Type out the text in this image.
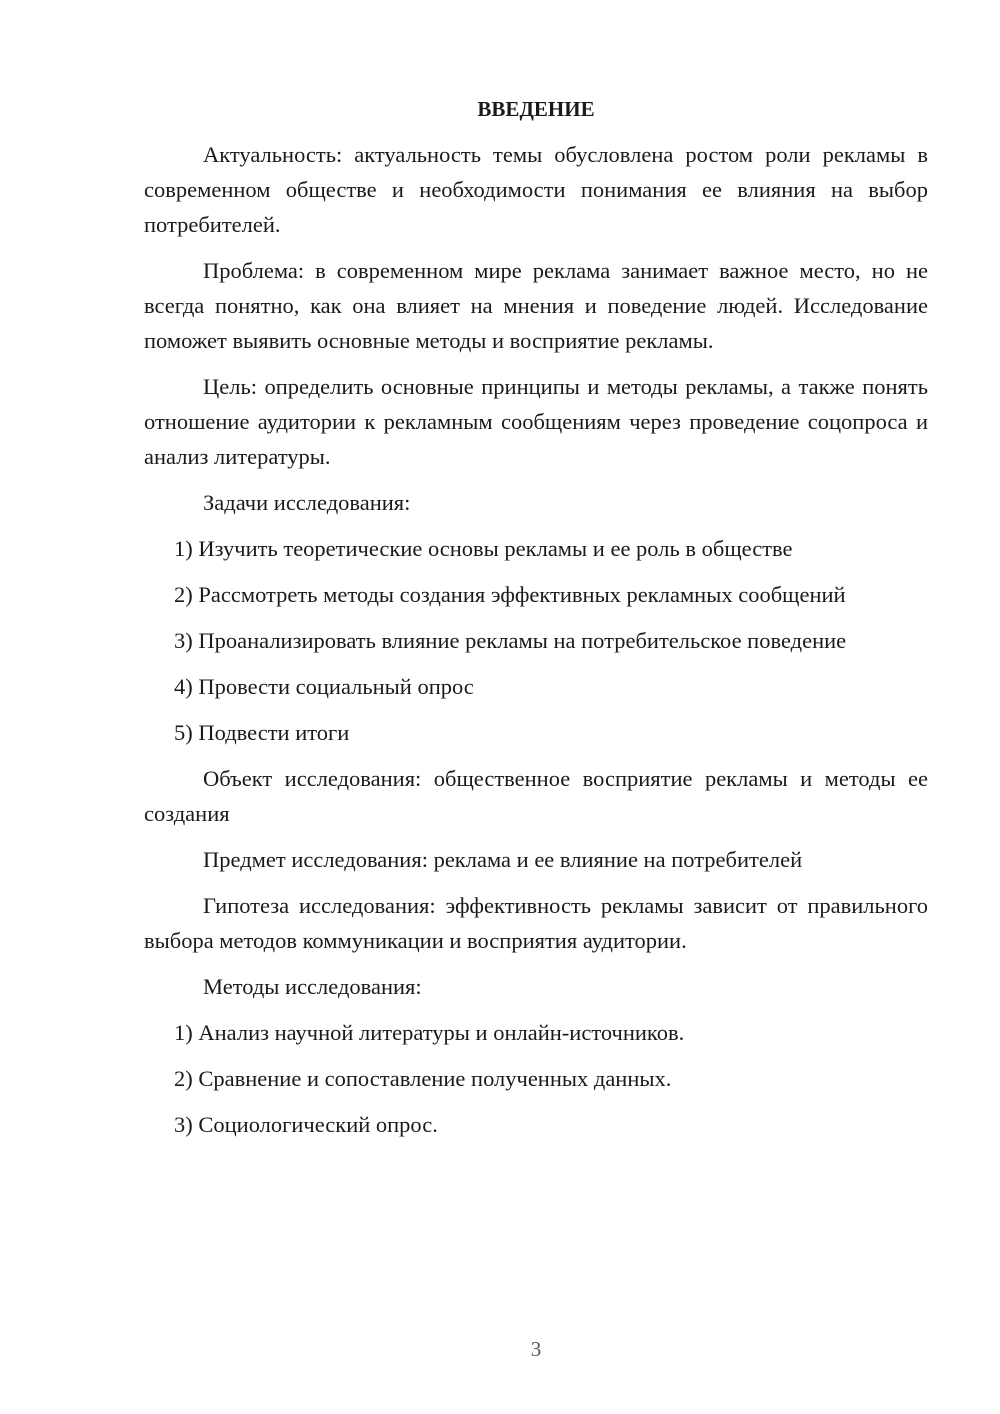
ВВЕДЕНИЕ

Актуальность: актуальность темы обусловлена ростом роли рекламы в современном обществе и необходимости понимания ее влияния на выбор потребителей.

Проблема: в современном мире реклама занимает важное место, но не всегда понятно, как она влияет на мнения и поведение людей. Исследование поможет выявить основные методы и восприятие рекламы.

Цель: определить основные принципы и методы рекламы, а также понять отношение аудитории к рекламным сообщениям через проведение соцопроса и анализ литературы.

Задачи исследования:

1) Изучить теоретические основы рекламы и ее роль в обществе

2) Рассмотреть методы создания эффективных рекламных сообщений

3) Проанализировать влияние рекламы на потребительское поведение

4) Провести социальный опрос

5) Подвести итоги

Объект исследования: общественное восприятие рекламы и методы ее создания

Предмет исследования: реклама и ее влияние на потребителей

Гипотеза исследования: эффективность рекламы зависит от правильного выбора методов коммуникации и восприятия аудитории.

Методы исследования:

1) Анализ научной литературы и онлайн-источников.

2) Сравнение и сопоставление полученных данных.

3) Социологический опрос.

3
